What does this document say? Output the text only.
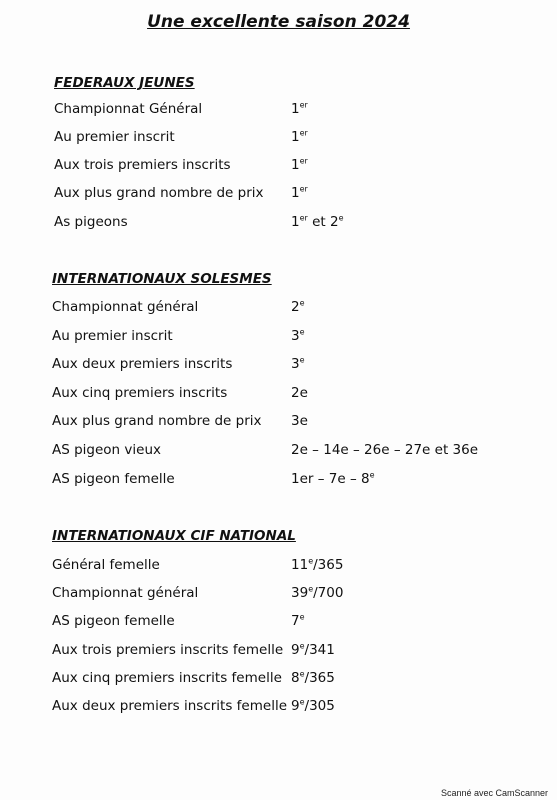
Une excellente saison 2024
FEDERAUX JEUNES
Championnat Général	1er
Au premier inscrit	1er
Aux trois premiers inscrits	1er
Aux plus grand nombre de prix 1er
As pigeons	1er et 2e
INTERNATIONAUX SOLESMES
Championnat général	2e
Au premier inscrit	3e
Aux deux premiers inscrits	3e
Aux cinq premiers inscrits	2e
Aux plus grand nombre de prix 3e
AS pigeon vieux	2e – 14e – 26e – 27e et 36e
AS pigeon femelle	1er – 7e – 8e
INTERNATIONAUX CIF NATIONAL
Général femelle	11e/365
Championnat général	39e/700
AS pigeon femelle	7e
Aux trois premiers inscrits femelle 9e/341
Aux cinq premiers inscrits femelle 8e/365
Aux deux premiers inscrits femelle 9e/305
Scanné avec CamScanner
